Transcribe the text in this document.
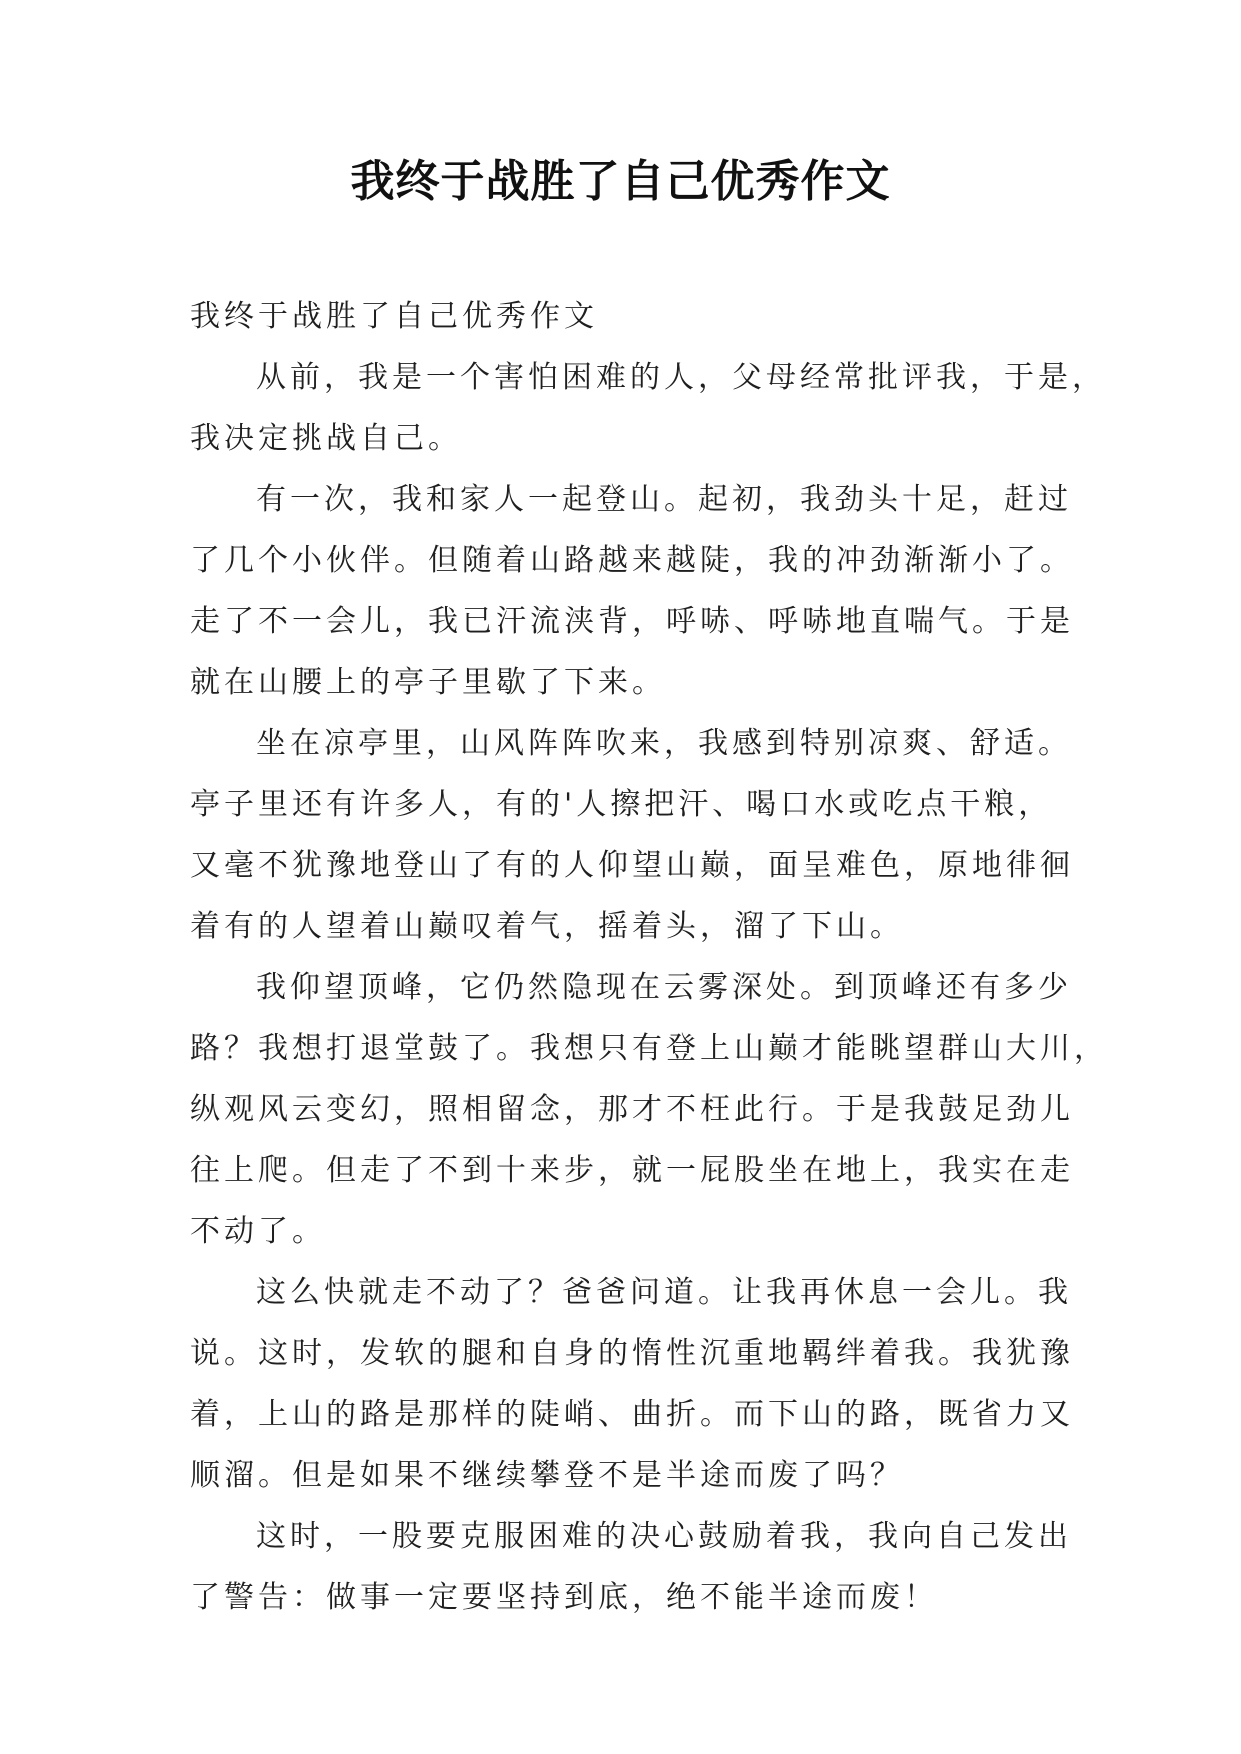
我终于战胜了自己优秀作文
我终于战胜了自己优秀作文
从前，我是一个害怕困难的人，父母经常批评我，于是，
我决定挑战自己。
有一次，我和家人一起登山。起初，我劲头十足，赶过
了几个小伙伴。但随着山路越来越陡，我的冲劲渐渐小了。
走了不一会儿，我已汗流浃背，呼哧、呼哧地直喘气。于是
就在山腰上的亭子里歇了下来。
坐在凉亭里，山风阵阵吹来，我感到特别凉爽、舒适。
亭子里还有许多人，有的'人擦把汗、喝口水或吃点干粮，
又毫不犹豫地登山了有的人仰望山巅，面呈难色，原地徘徊
着有的人望着山巅叹着气，摇着头，溜了下山。
我仰望顶峰，它仍然隐现在云雾深处。到顶峰还有多少
路？我想打退堂鼓了。我想只有登上山巅才能眺望群山大川，
纵观风云变幻，照相留念，那才不枉此行。于是我鼓足劲儿
往上爬。但走了不到十来步，就一屁股坐在地上，我实在走
不动了。
这么快就走不动了？爸爸问道。让我再休息一会儿。我
说。这时，发软的腿和自身的惰性沉重地羁绊着我。我犹豫
着，上山的路是那样的陡峭、曲折。而下山的路，既省力又
顺溜。但是如果不继续攀登不是半途而废了吗？
这时，一股要克服困难的决心鼓励着我，我向自己发出
了警告：做事一定要坚持到底，绝不能半途而废！
